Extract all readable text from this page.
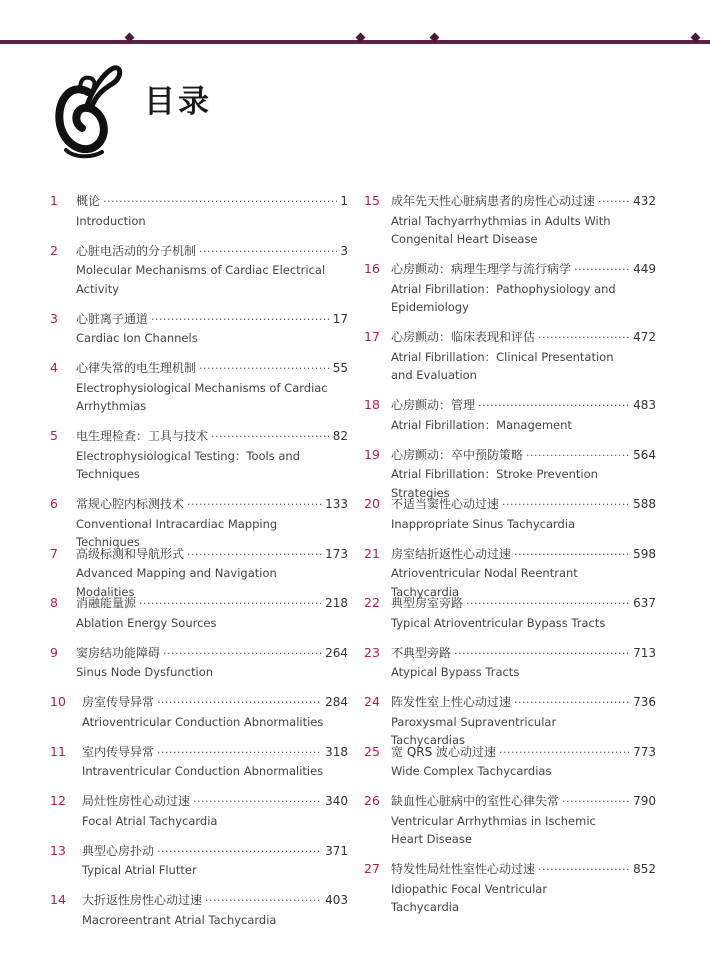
目录
1 概论 ·····	1
Introduction
2 心脏电活动的分子机制 ·····	3
Molecular Mechanisms of Cardiac Electrical Activity
3 心脏离子通道 ·····	17
Cardiac Ion Channels
4 心律失常的电生理机制 ·····	55
Electrophysiological Mechanisms of Cardiac Arrhythmias
5 电生理检查：工具与技术 ·····	82
Electrophysiological Testing：Tools and Techniques
6 常规心腔内标测技术 ·····	133
Conventional Intracardiac Mapping Techniques
7 高级标测和导航形式 ·····	173
Advanced Mapping and Navigation Modalities
8 消融能量源 ·····	218
Ablation Energy Sources
9 窦房结功能障碍 ·····	264
Sinus Node Dysfunction
10 房室传导异常 ·····	284
Atrioventricular Conduction Abnormalities
11 室内传导异常 ·····	318
Intraventricular Conduction Abnormalities
12 局灶性房性心动过速 ·····	340
Focal Atrial Tachycardia
13 典型心房扑动 ·····	371
Typical Atrial Flutter
14 大折返性房性心动过速 ·····	403
Macroreentrant Atrial Tachycardia
15 成年先天性心脏病患者的房性心动过速 ·····	432
Atrial Tachyarrhythmias in Adults With Congenital Heart Disease
16 心房颤动：病理生理学与流行病学 ·····	449
Atrial Fibrillation：Pathophysiology and Epidemiology
17 心房颤动：临床表现和评估 ·····	472
Atrial Fibrillation：Clinical Presentation and Evaluation
18 心房颤动：管理 ·····	483
Atrial Fibrillation：Management
19 心房颤动：卒中预防策略 ·····	564
Atrial Fibrillation：Stroke Prevention Strategies
20 不适当窦性心动过速 ·····	588
Inappropriate Sinus Tachycardia
21 房室结折返性心动过速 ·····	598
Atrioventricular Nodal Reentrant Tachycardia
22 典型房室旁路 ·····	637
Typical Atrioventricular Bypass Tracts
23 不典型旁路 ·····	713
Atypical Bypass Tracts
24 阵发性室上性心动过速 ·····	736
Paroxysmal Supraventricular Tachycardias
25 宽 QRS 波心动过速 ·····	773
Wide Complex Tachycardias
26 缺血性心脏病中的室性心律失常 ·····	790
Ventricular Arrhythmias in Ischemic Heart Disease
27 特发性局灶性室性心动过速 ·····	852
Idiopathic Focal Ventricular Tachycardia
